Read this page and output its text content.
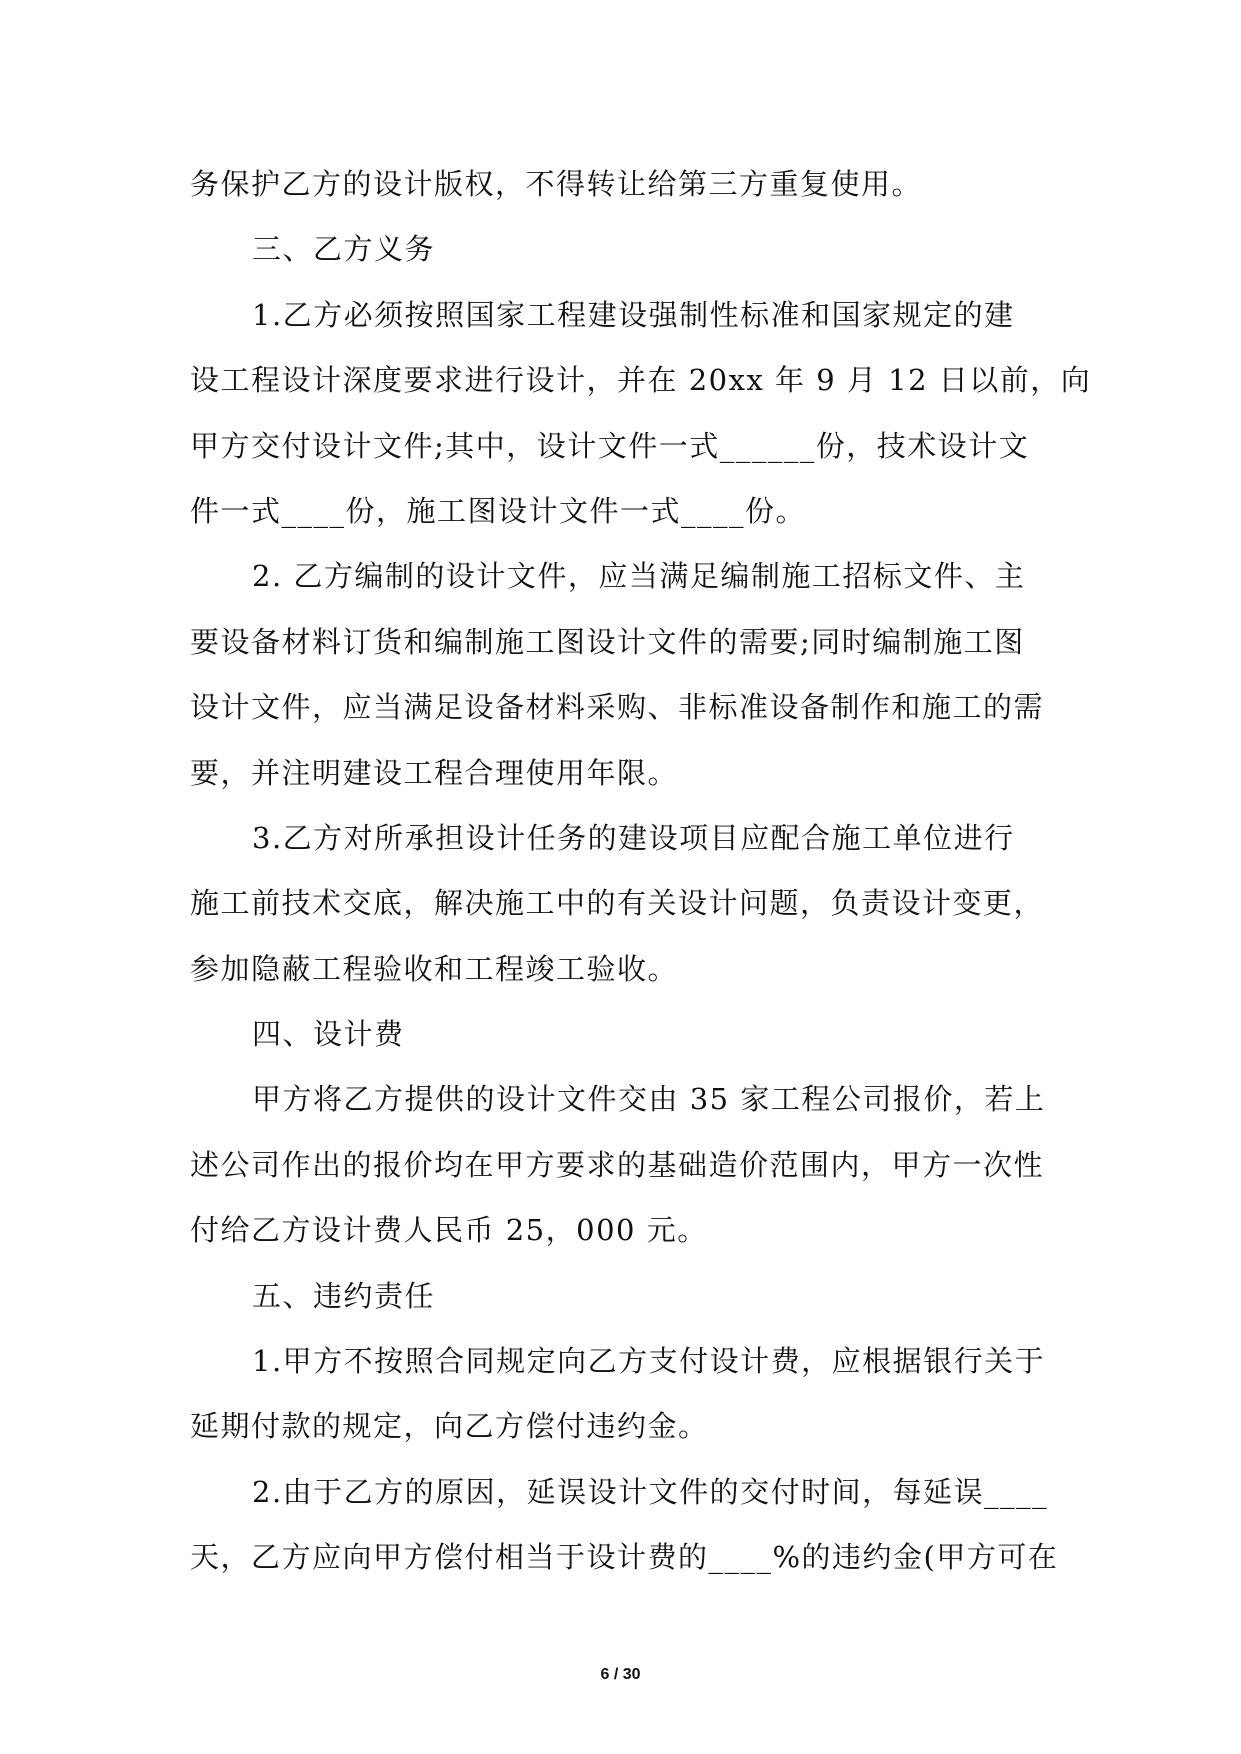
务保护乙方的设计版权，不得转让给第三方重复使用。
三、乙方义务
1.乙方必须按照国家工程建设强制性标准和国家规定的建
设工程设计深度要求进行设计，并在 20xx 年 9 月 12 日以前，向
甲方交付设计文件;其中，设计文件一式______份，技术设计文
件一式____份，施工图设计文件一式____份。
2. 乙方编制的设计文件，应当满足编制施工招标文件、主
要设备材料订货和编制施工图设计文件的需要;同时编制施工图
设计文件，应当满足设备材料采购、非标准设备制作和施工的需
要，并注明建设工程合理使用年限。
3.乙方对所承担设计任务的建设项目应配合施工单位进行
施工前技术交底，解决施工中的有关设计问题，负责设计变更，
参加隐蔽工程验收和工程竣工验收。
四、设计费
甲方将乙方提供的设计文件交由 35 家工程公司报价，若上
述公司作出的报价均在甲方要求的基础造价范围内，甲方一次性
付给乙方设计费人民币 25，000 元。
五、违约责任
1.甲方不按照合同规定向乙方支付设计费，应根据银行关于
延期付款的规定，向乙方偿付违约金。
2.由于乙方的原因，延误设计文件的交付时间，每延误____
天，乙方应向甲方偿付相当于设计费的____%的违约金(甲方可在
6 / 30
